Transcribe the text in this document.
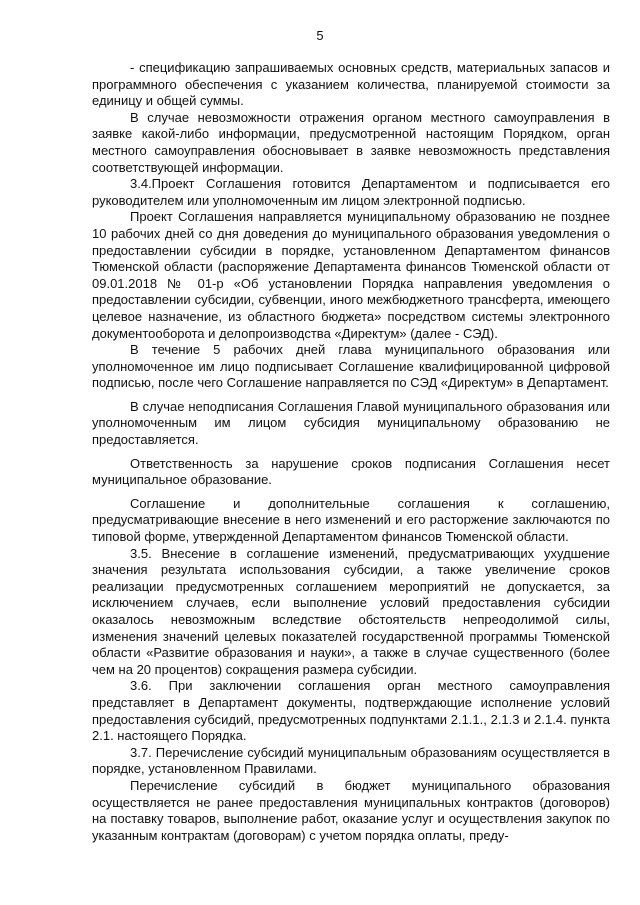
5

- спецификацию запрашиваемых основных средств, материальных запасов и программного обеспечения с указанием количества, планируемой стоимости за единицу и общей суммы.

В случае невозможности отражения органом местного самоуправления в заявке какой-либо информации, предусмотренной настоящим Порядком, орган местного самоуправления обосновывает в заявке невозможность представления соответствующей информации.

3.4.Проект Соглашения готовится Департаментом и подписывается его руководителем или уполномоченным им лицом электронной подписью.

Проект Соглашения направляется муниципальному образованию не позднее 10 рабочих дней со дня доведения до муниципального образования уведомления о предоставлении субсидии в порядке, установленном Департаментом финансов Тюменской области (распоряжение Департамента финансов Тюменской области от 09.01.2018 № 01-р «Об установлении Порядка направления уведомления о предоставлении субсидии, субвенции, иного межбюджетного трансферта, имеющего целевое назначение, из областного бюджета» посредством системы электронного документооборота и делопроизводства «Директум» (далее - СЭД).

В течение 5 рабочих дней глава муниципального образования или уполномоченное им лицо подписывает Соглашение квалифицированной цифровой подписью, после чего Соглашение направляется по СЭД «Директум» в Департамент.

В случае неподписания Соглашения Главой муниципального образования или уполномоченным им лицом субсидия муниципальному образованию не предоставляется.

Ответственность за нарушение сроков подписания Соглашения несет муниципальное образование.

Соглашение и дополнительные соглашения к соглашению, предусматривающие внесение в него изменений и его расторжение заключаются по типовой форме, утвержденной Департаментом финансов Тюменской области.

3.5. Внесение в соглашение изменений, предусматривающих ухудшение значения результата использования субсидии, а также увеличение сроков реализации предусмотренных соглашением мероприятий не допускается, за исключением случаев, если выполнение условий предоставления субсидии оказалось невозможным вследствие обстоятельств непреодолимой силы, изменения значений целевых показателей государственной программы Тюменской области «Развитие образования и науки», а также в случае существенного (более чем на 20 процентов) сокращения размера субсидии.

3.6. При заключении соглашения орган местного самоуправления представляет в Департамент документы, подтверждающие исполнение условий предоставления субсидий, предусмотренных подпунктами 2.1.1., 2.1.3 и 2.1.4. пункта 2.1. настоящего Порядка.

3.7. Перечисление субсидий муниципальным образованиям осуществляется в порядке, установленном Правилами.

Перечисление субсидий в бюджет муниципального образования осуществляется не ранее предоставления муниципальных контрактов (договоров) на поставку товаров, выполнение работ, оказание услуг и осуществления закупок по указанным контрактам (договорам) с учетом порядка оплаты, преду-
